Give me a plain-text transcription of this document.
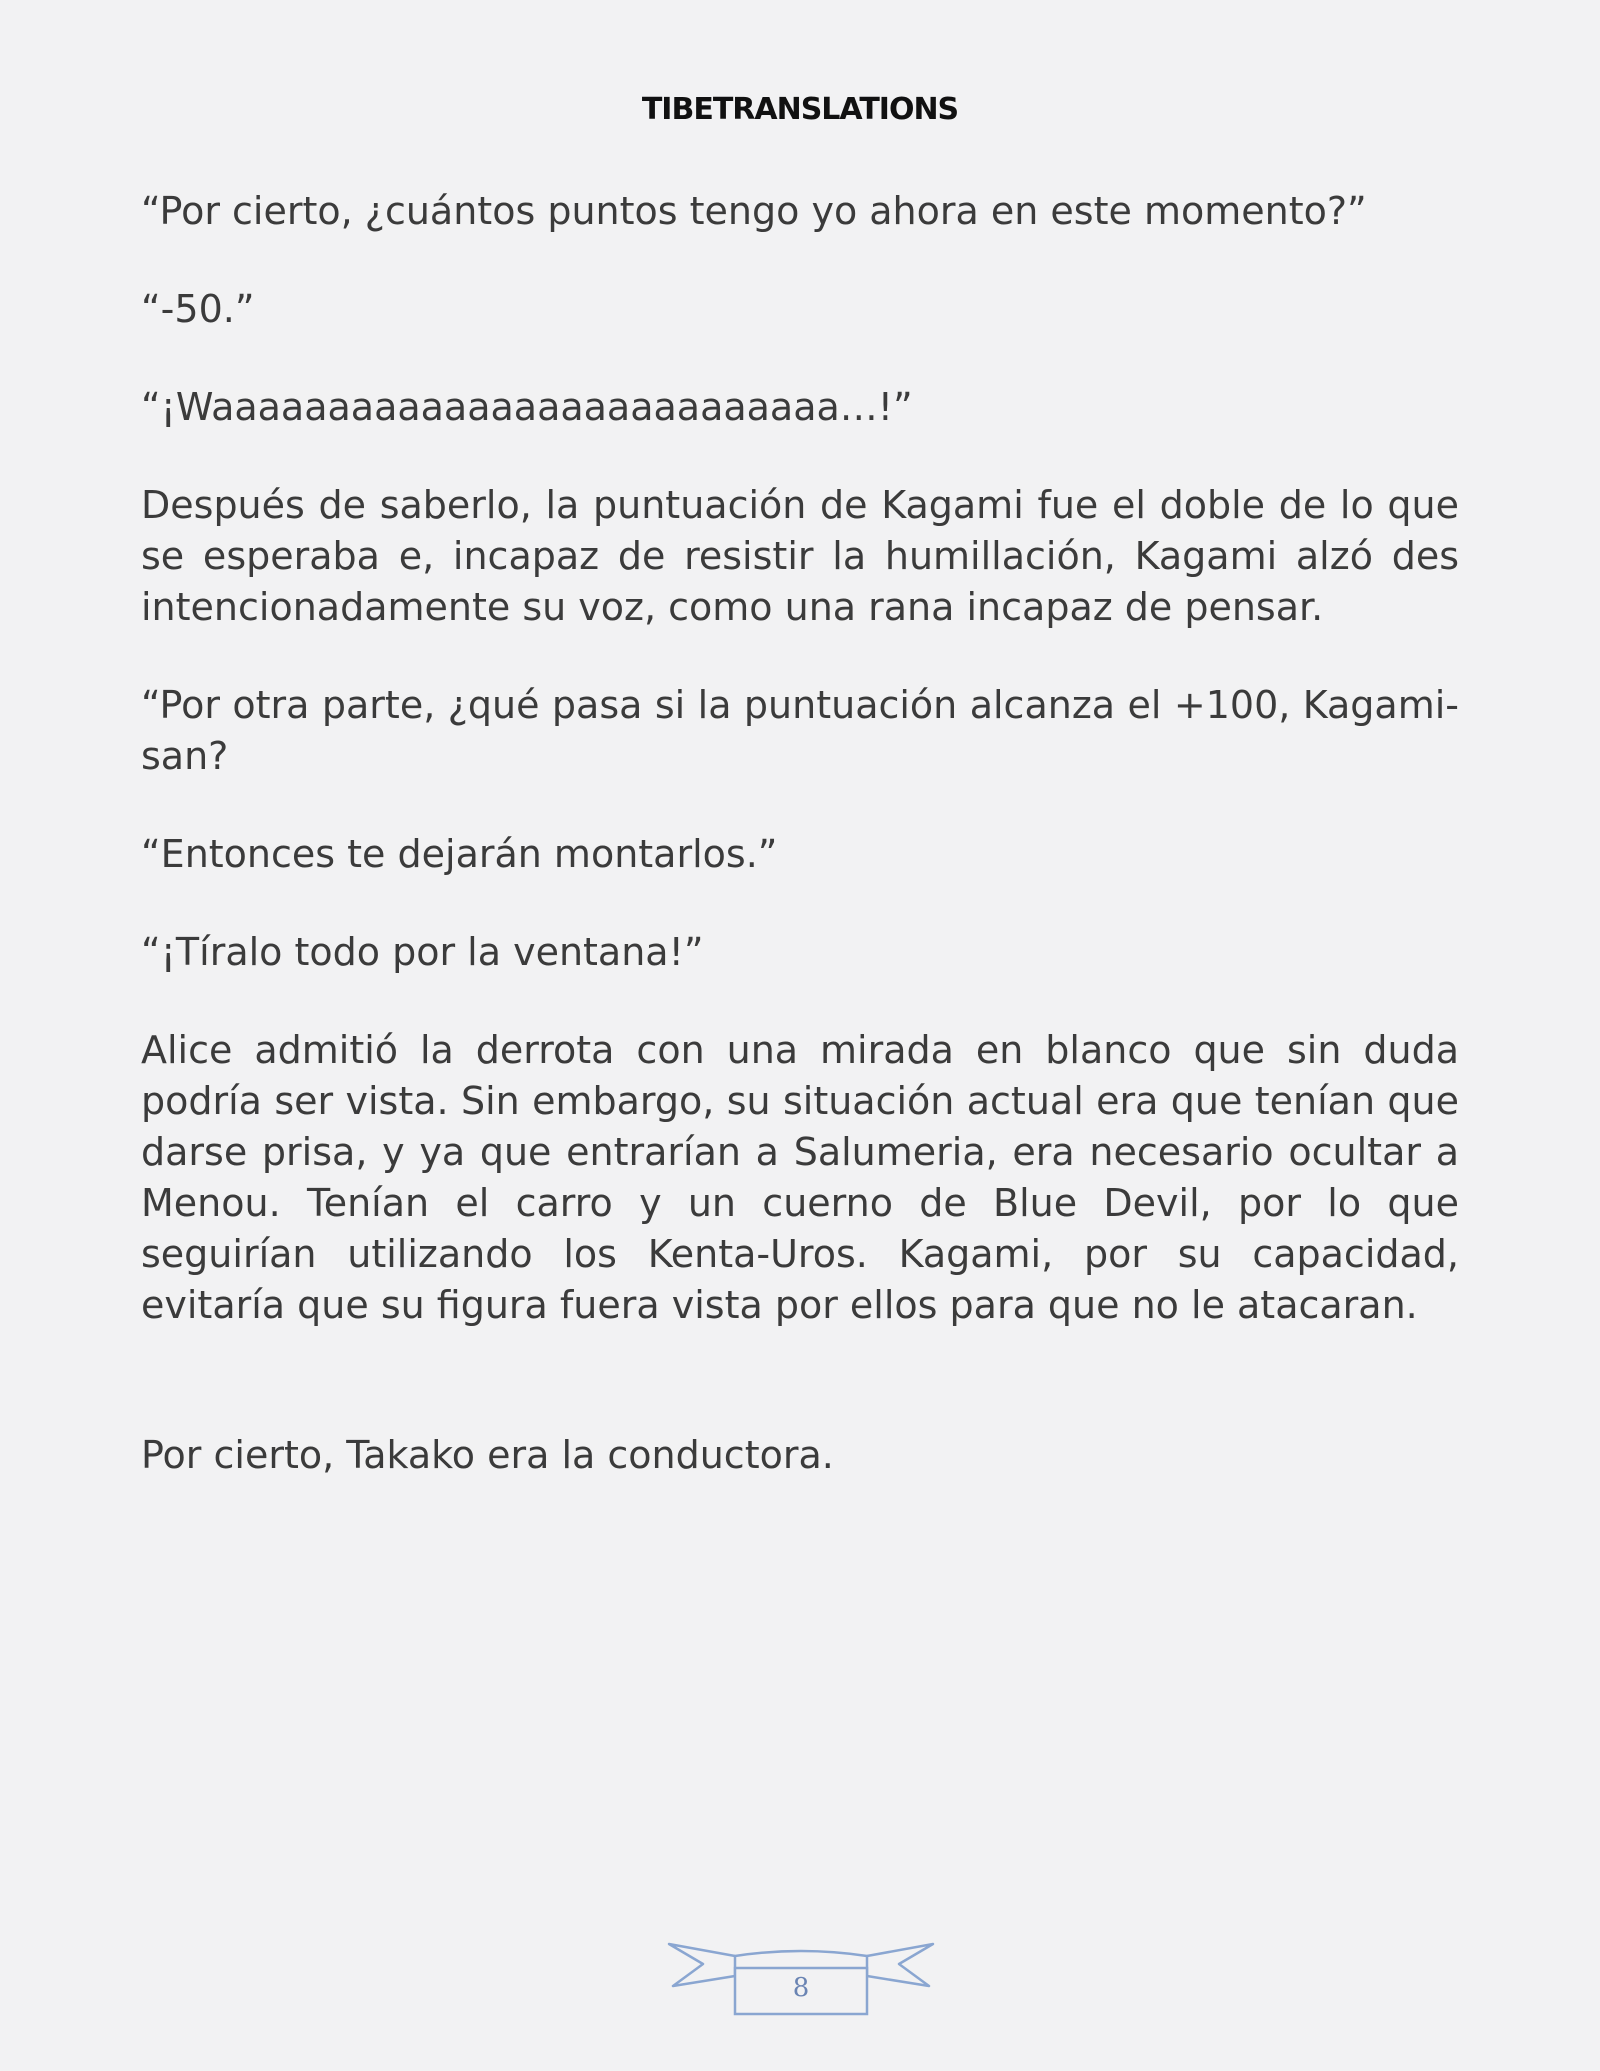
TIBETRANSLATIONS

“Por cierto, ¿cuántos puntos tengo yo ahora en este momento?”

“-50.”

“¡Waaaaaaaaaaaaaaaaaaaaaaaaaaa…!”

Después de saberlo, la puntuación de Kagami fue el doble de lo que se esperaba e, incapaz de resistir la humillación, Kagami alzó des intencionadamente su voz, como una rana incapaz de pensar.

“Por otra parte, ¿qué pasa si la puntuación alcanza el +100, Kagami-san?

“Entonces te dejarán montarlos.”

“¡Tíralo todo por la ventana!”

Alice admitió la derrota con una mirada en blanco que sin duda podría ser vista. Sin embargo, su situación actual era que tenían que darse prisa, y ya que entrarían a Salumeria, era necesario ocultar a Menou. Tenían el carro y un cuerno de Blue Devil, por lo que seguirían utilizando los Kenta-Uros. Kagami, por su capacidad, evitaría que su figura fuera vista por ellos para que no le atacaran.

Por cierto, Takako era la conductora.

8
